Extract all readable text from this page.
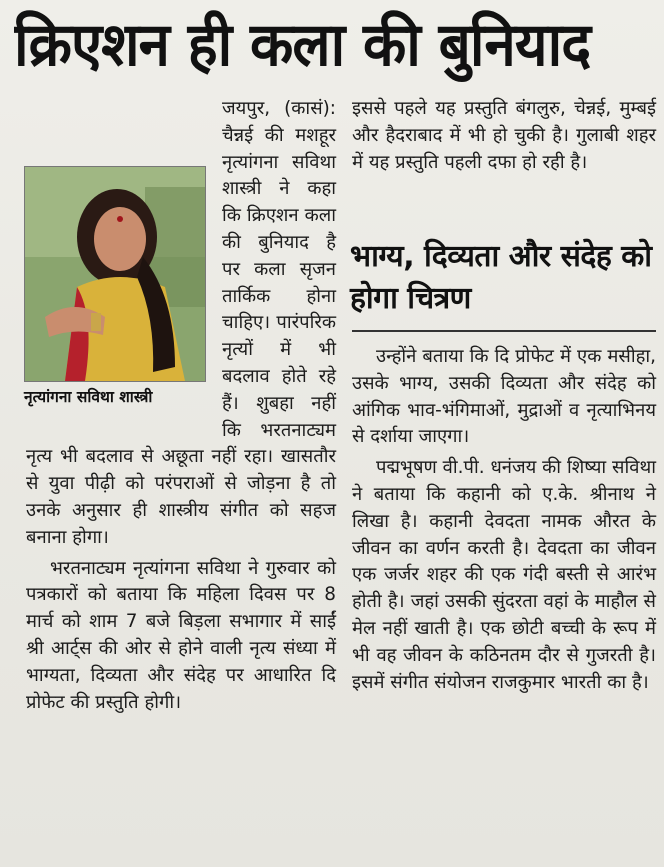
क्रिएशन ही कला की बुनियाद
नृत्यांगना सविथा शास्त्री

जयपुर, (कासं): चैन्नई की मशहूर नृत्यांगना सविथा शास्त्री ने कहा कि क्रिएशन कला की बुनियाद है पर कला सृजन तार्किक होना चाहिए। पारंपरिक नृत्यों में भी बदलाव होते रहे हैं। शुबहा नहीं कि भरतनाट्यम नृत्य भी बदलाव से अछूता नहीं रहा। खासतौर से युवा पीढ़ी को परंपराओं से जोड़ना है तो उनके अनुसार ही शास्त्रीय संगीत को सहज बनाना होगा।

भरतनाट्यम नृत्यांगना सविथा ने गुरुवार को पत्रकारों को बताया कि महिला दिवस पर 8 मार्च को शाम 7 बजे बिड़ला सभागार में साईं श्री आर्ट्स की ओर से होने वाली नृत्य संध्या में भाग्यता, दिव्यता और संदेह पर आधारित दि प्रोफेट की प्रस्तुति होगी।

इससे पहले यह प्रस्तुति बंगलुरु, चेन्नई, मुम्बई और हैदराबाद में भी हो चुकी है। गुलाबी शहर में यह प्रस्तुति पहली दफा हो रही है।

भाग्य, दिव्यता और संदेह को होगा चित्रण

उन्होंने बताया कि दि प्रोफेट में एक मसीहा, उसके भाग्य, उसकी दिव्यता और संदेह को आंगिक भाव-भंगिमाओं, मुद्राओं व नृत्याभिनय से दर्शाया जाएगा।

पद्मभूषण वी.पी. धनंजय की शिष्या सविथा ने बताया कि कहानी को ए.के. श्रीनाथ ने लिखा है। कहानी देवदता नामक औरत के जीवन का वर्णन करती है। देवदता का जीवन एक जर्जर शहर की एक गंदी बस्ती से आरंभ होती है। जहां उसकी सुंदरता वहां के माहौल से मेल नहीं खाती है। एक छोटी बच्ची के रूप में भी वह जीवन के कठिनतम दौर से गुजरती है। इसमें संगीत संयोजन राजकुमार भारती का है।
